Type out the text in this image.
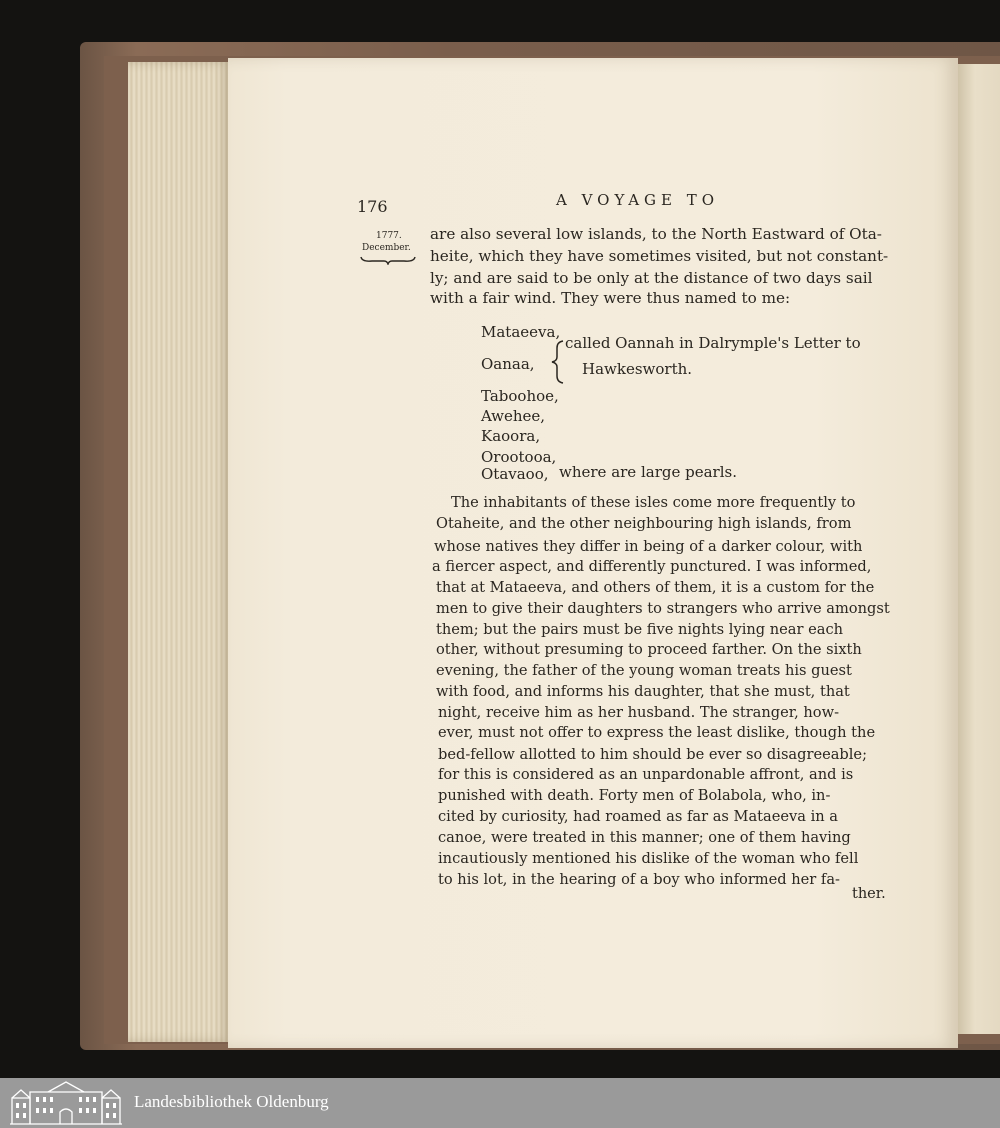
176	A VOYAGE TO
1777.
December.
are also several low islands, to the North Eastward of Ota-
heite, which they have sometimes visited, but not constant-
ly; and are said to be only at the distance of two days sail
with a fair wind. They were thus named to me:
Mataeeva,
Oanaa,
Taboohoe,
Awehee,
Kaoora,
Orootooa,
Otavaoo,
called Oannah in Dalrymple's Letter to
Hawkesworth.
where are large pearls.
The inhabitants of these isles come more frequently to
Otaheite, and the other neighbouring high islands, from
whose natives they differ in being of a darker colour, with
a fiercer aspect, and differently punctured. I was informed,
that at Mataeeva, and others of them, it is a custom for the
men to give their daughters to strangers who arrive amongst
them; but the pairs must be five nights lying near each
other, without presuming to proceed farther. On the sixth
evening, the father of the young woman treats his guest
with food, and informs his daughter, that she must, that
night, receive him as her husband. The stranger, how-
ever, must not offer to express the least dislike, though the
bed-fellow allotted to him should be ever so disagreeable;
for this is considered as an unpardonable affront, and is
punished with death. Forty men of Bolabola, who, in-
cited by curiosity, had roamed as far as Mataeeva in a
canoe, were treated in this manner; one of them having
incautiously mentioned his dislike of the woman who fell
to his lot, in the hearing of a boy who informed her fa-
ther.
Landesbibliothek Oldenburg
